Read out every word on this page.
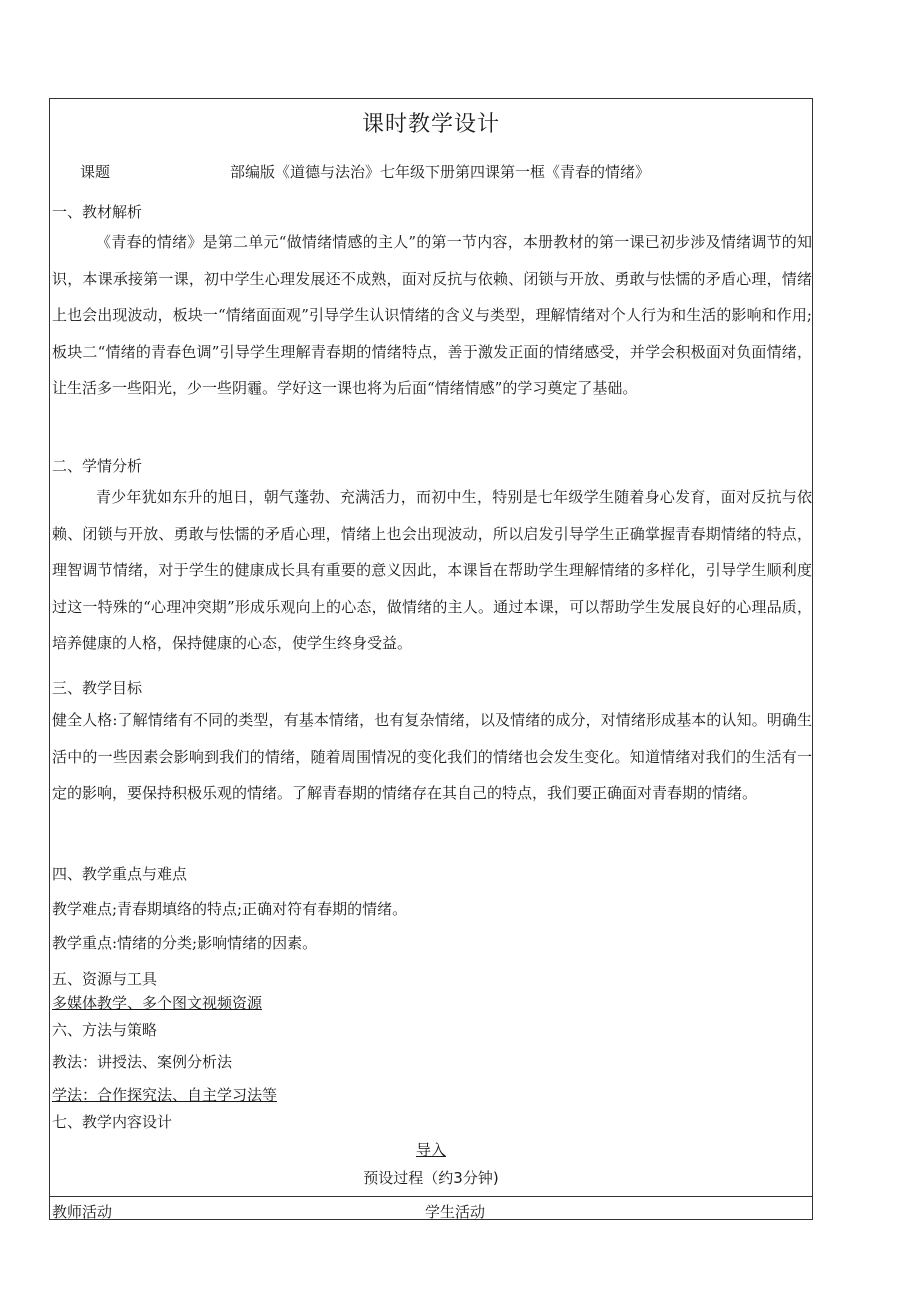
课时教学设计
课题	部编版《道德与法治》七年级下册第四课第一框《青春的情绪》
一、教材解析
《青春的情绪》是第二单元“做情绪情感的主人”的第一节内容，本册教材的第一课已初步涉及情绪调节的知识，本课承接第一课，初中学生心理发展还不成熟，面对反抗与依赖、闭锁与开放、勇敢与怯懦的矛盾心理，情绪上也会出现波动，板块一“情绪面面观”引导学生认识情绪的含义与类型，理解情绪对个人行为和生活的影响和作用;板块二“情绪的青春色调”引导学生理解青春期的情绪特点，善于激发正面的情绪感受，并学会积极面对负面情绪，让生活多一些阳光，少一些阴霾。学好这一课也将为后面“情绪情感”的学习奠定了基础。
二、学情分析
青少年犹如东升的旭日，朝气蓬勃、充满活力，而初中生，特别是七年级学生随着身心发育，面对反抗与依赖、闭锁与开放、勇敢与怯懦的矛盾心理，情绪上也会出现波动，所以启发引导学生正确掌握青春期情绪的特点，理智调节情绪，对于学生的健康成长具有重要的意义因此，本课旨在帮助学生理解情绪的多样化，引导学生顺利度过这一特殊的“心理冲突期”形成乐观向上的心态，做情绪的主人。通过本课，可以帮助学生发展良好的心理品质，培养健康的人格，保持健康的心态，使学生终身受益。
三、教学目标
健全人格:了解情绪有不同的类型，有基本情绪，也有复杂情绪，以及情绪的成分，对情绪形成基本的认知。明确生活中的一些因素会影响到我们的情绪，随着周围情况的变化我们的情绪也会发生变化。知道情绪对我们的生活有一定的影响，要保持积极乐观的情绪。了解青春期的情绪存在其自己的特点，我们要正确面对青春期的情绪。
四、教学重点与难点
教学难点;青春期填络的特点;正确对符有春期的情绪。
教学重点:情绪的分类;影响情绪的因素。
五、资源与工具
多媒体教学、多个图文视频资源
六、方法与策略
教法：讲授法、案例分析法
学法：合作探究法、自主学习法等
七、教学内容设计
导入
预设过程（约3分钟)
教师活动	学生活动
